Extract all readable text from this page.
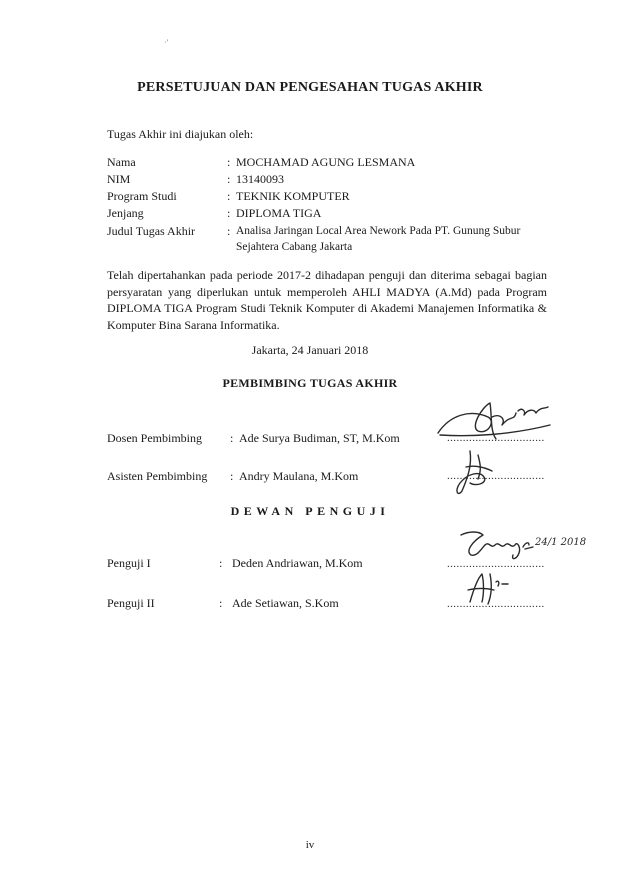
·'
PERSETUJUAN DAN PENGESAHAN TUGAS AKHIR
Tugas Akhir ini diajukan oleh:
Nama	: MOCHAMAD AGUNG LESMANA
NIM	: 13140093
Program Studi	: TEKNIK KOMPUTER
Jenjang	: DIPLOMA TIGA
Judul Tugas Akhir	: Analisa Jaringan Local Area Nework Pada PT. Gunung Subur
Sejahtera Cabang Jakarta
Telah dipertahankan pada periode 2017-2 dihadapan penguji dan diterima sebagai bagian persyaratan yang diperlukan untuk memperoleh AHLI MADYA (A.Md) pada Program DIPLOMA TIGA Program Studi Teknik Komputer di Akademi Manajemen Informatika & Komputer Bina Sarana Informatika.
Jakarta, 24 Januari 2018
PEMBIMBING TUGAS AKHIR
Dosen Pembimbing : Ade Surya Budiman, ST, M.Kom	...............................
Asisten Pembimbing : Andry Maulana, M.Kom	...............................
DEWAN PENGUJI
Penguji I	: Deden Andriawan, M.Kom	...............................
Penguji II	: Ade Setiawan, S.Kom	...............................
24/1 2018
iv
